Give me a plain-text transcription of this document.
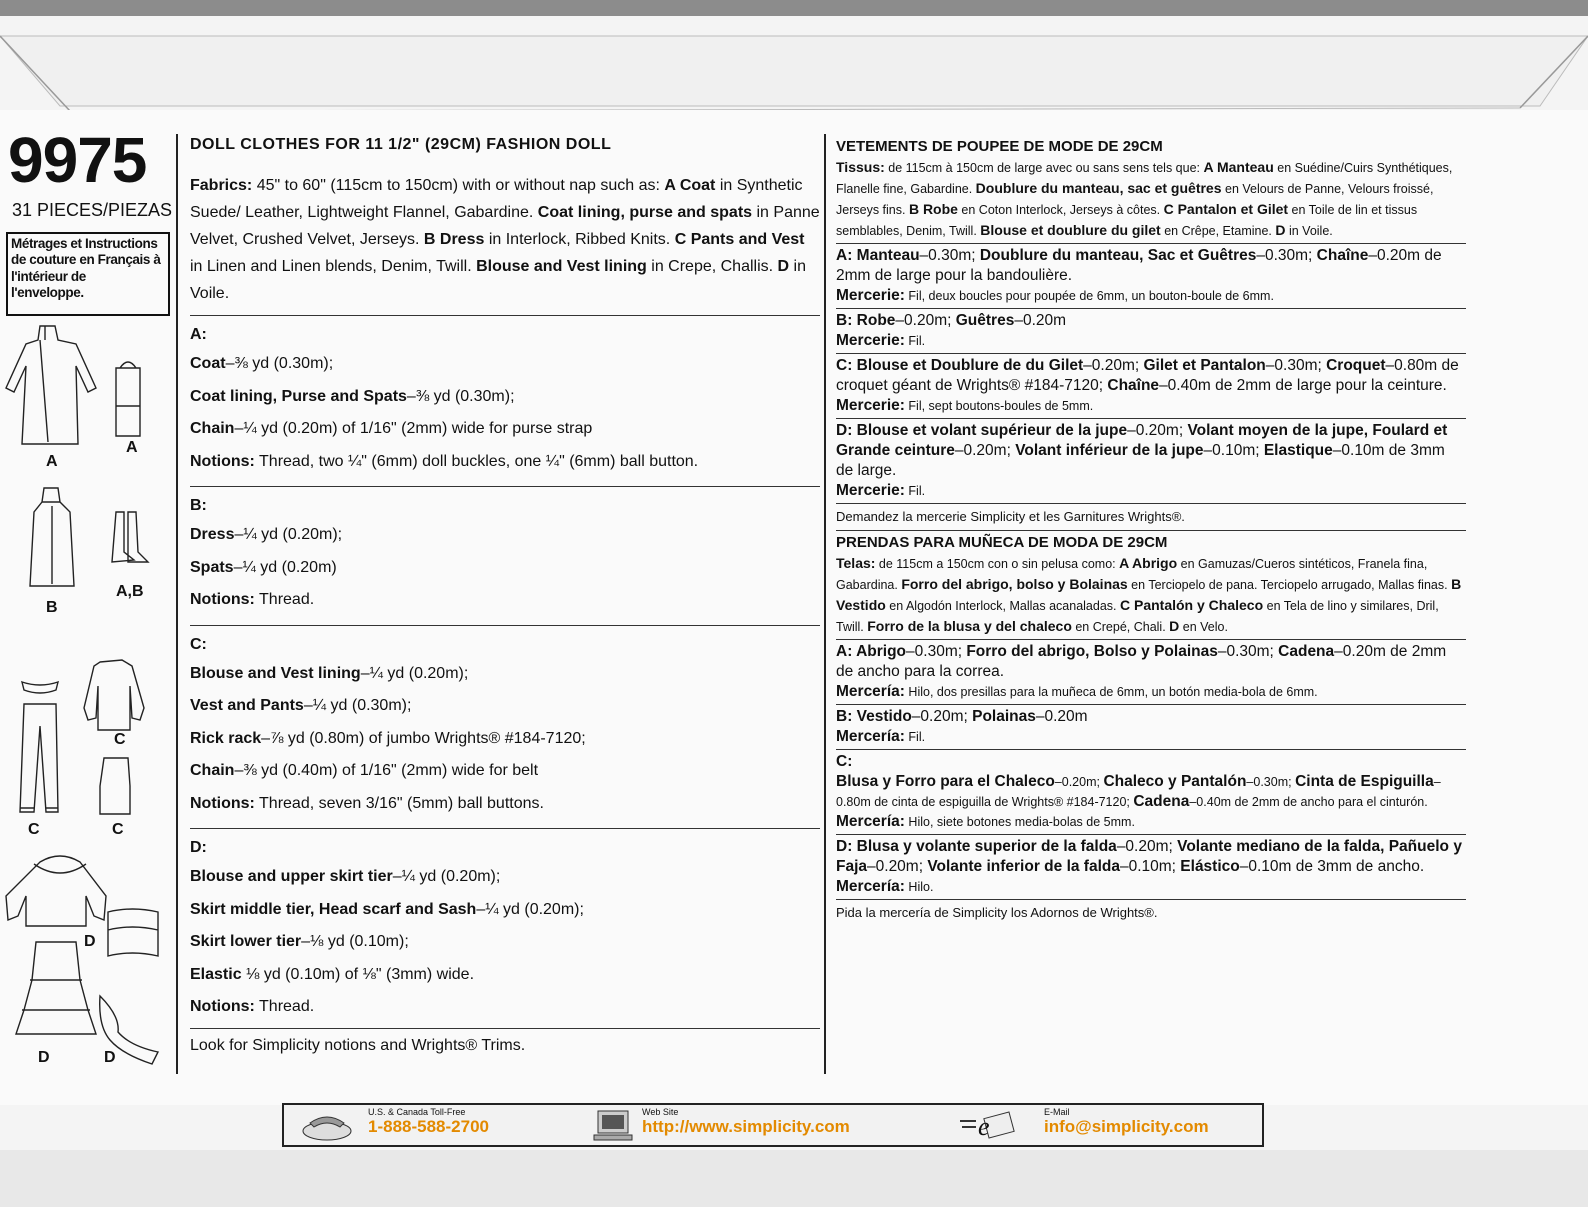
9975
31 PIECES/PIEZAS
Métrages et Instructions
de couture en Français à
l'intérieur de
l'enveloppe.
A
A
B
A,B
C
C	C
D
D	D
DOLL CLOTHES FOR 11 1/2" (29CM) FASHION DOLL

Fabrics: 45" to 60" (115cm to 150cm) with or without nap such as: A Coat in Synthetic Suede/ Leather, Lightweight Flannel, Gabardine. Coat lining, purse and spats in Panne Velvet, Crushed Velvet, Jerseys. B Dress in Interlock, Ribbed Knits. C Pants and Vest in Linen and Linen blends, Denim, Twill. Blouse and Vest lining in Crepe, Challis. D in Voile.

A:
Coat–⅜ yd (0.30m);
Coat lining, Purse and Spats–⅜ yd (0.30m);
Chain–¼ yd (0.20m) of 1/16" (2mm) wide for purse strap
Notions: Thread, two ¼" (6mm) doll buckles, one ¼" (6mm) ball button.
B:
Dress–¼ yd (0.20m);
Spats–¼ yd (0.20m)
Notions: Thread.
C:
Blouse and Vest lining–¼ yd (0.20m);
Vest and Pants–¼ yd (0.30m);
Rick rack–⅞ yd (0.80m) of jumbo Wrights® #184-7120;
Chain–⅜ yd (0.40m) of 1/16" (2mm) wide for belt
Notions: Thread, seven 3/16" (5mm) ball buttons.
D:
Blouse and upper skirt tier–¼ yd (0.20m);
Skirt middle tier, Head scarf and Sash–¼ yd (0.20m);
Skirt lower tier–⅛ yd (0.10m);
Elastic ⅛ yd (0.10m) of ⅛" (3mm) wide.
Notions: Thread.
Look for Simplicity notions and Wrights® Trims.
VETEMENTS DE POUPEE DE MODE DE 29CM

Tissus: de 115cm à 150cm de large avec ou sans sens tels que: A Manteau en Suédine/Cuirs Synthétiques, Flanelle fine, Gabardine. Doublure du manteau, sac et guêtres en Velours de Panne, Velours froissé, Jerseys fins. B Robe en Coton Interlock, Jerseys à côtes. C Pantalon et Gilet en Toile de lin et tissus semblables, Denim, Twill. Blouse et doublure du gilet en Crêpe, Etamine. D in Voile.

A: Manteau–0.30m; Doublure du manteau, Sac et Guêtres–0.30m; Chaîne–0.20m de 2mm de large pour la bandoulière.

Mercerie: Fil, deux boucles pour poupée de 6mm, un bouton-boule de 6mm.

B: Robe–0.20m; Guêtres–0.20m

Mercerie: Fil.

C: Blouse et Doublure de du Gilet–0.20m; Gilet et Pantalon–0.30m; Croquet–0.80m de croquet géant de Wrights® #184-7120; Chaîne–0.40m de 2mm de large pour la ceinture.

Mercerie: Fil, sept boutons-boules de 5mm.

D: Blouse et volant supérieur de la jupe–0.20m; Volant moyen de la jupe, Foulard et Grande ceinture–0.20m; Volant inférieur de la jupe–0.10m; Elastique–0.10m de 3mm de large.

Mercerie: Fil.

Demandez la mercerie Simplicity et les Garnitures Wrights®.

PRENDAS PARA MUÑECA DE MODA DE 29CM

Telas: de 115cm a 150cm con o sin pelusa como: A Abrigo en Gamuzas/Cueros sintéticos, Franela fina, Gabardina. Forro del abrigo, bolso y Bolainas en Terciopelo de pana. Terciopelo arrugado, Mallas finas. B Vestido en Algodón Interlock, Mallas acanaladas. C Pantalón y Chaleco en Tela de lino y similares, Dril, Twill. Forro de la blusa y del chaleco en Crepé, Chali. D en Velo.

A: Abrigo–0.30m; Forro del abrigo, Bolso y Polainas–0.30m; Cadena–0.20m de 2mm de ancho para la correa.

Mercería: Hilo, dos presillas para la muñeca de 6mm, un botón media-bola de 6mm.

B: Vestido–0.20m; Polainas–0.20m

Mercería: Fil.

C:

Blusa y Forro para el Chaleco–0.20m; Chaleco y Pantalón–0.30m; Cinta de Espiguilla–0.80m de cinta de espiguilla de Wrights® #184-7120; Cadena–0.40m de 2mm de ancho para el cinturón.

Mercería: Hilo, siete botones media-bolas de 5mm.

D: Blusa y volante superior de la falda–0.20m; Volante mediano de la falda, Pañuelo y Faja–0.20m; Volante inferior de la falda–0.10m; Elástico–0.10m de 3mm de ancho.

Mercería: Hilo.

Pida la mercería de Simplicity los Adornos de Wrights®.

U.S. & Canada Toll-Free
1-888-588-2700
Web Site
http://www.simplicity.com	e	E-Mail
info@simplicity.com
